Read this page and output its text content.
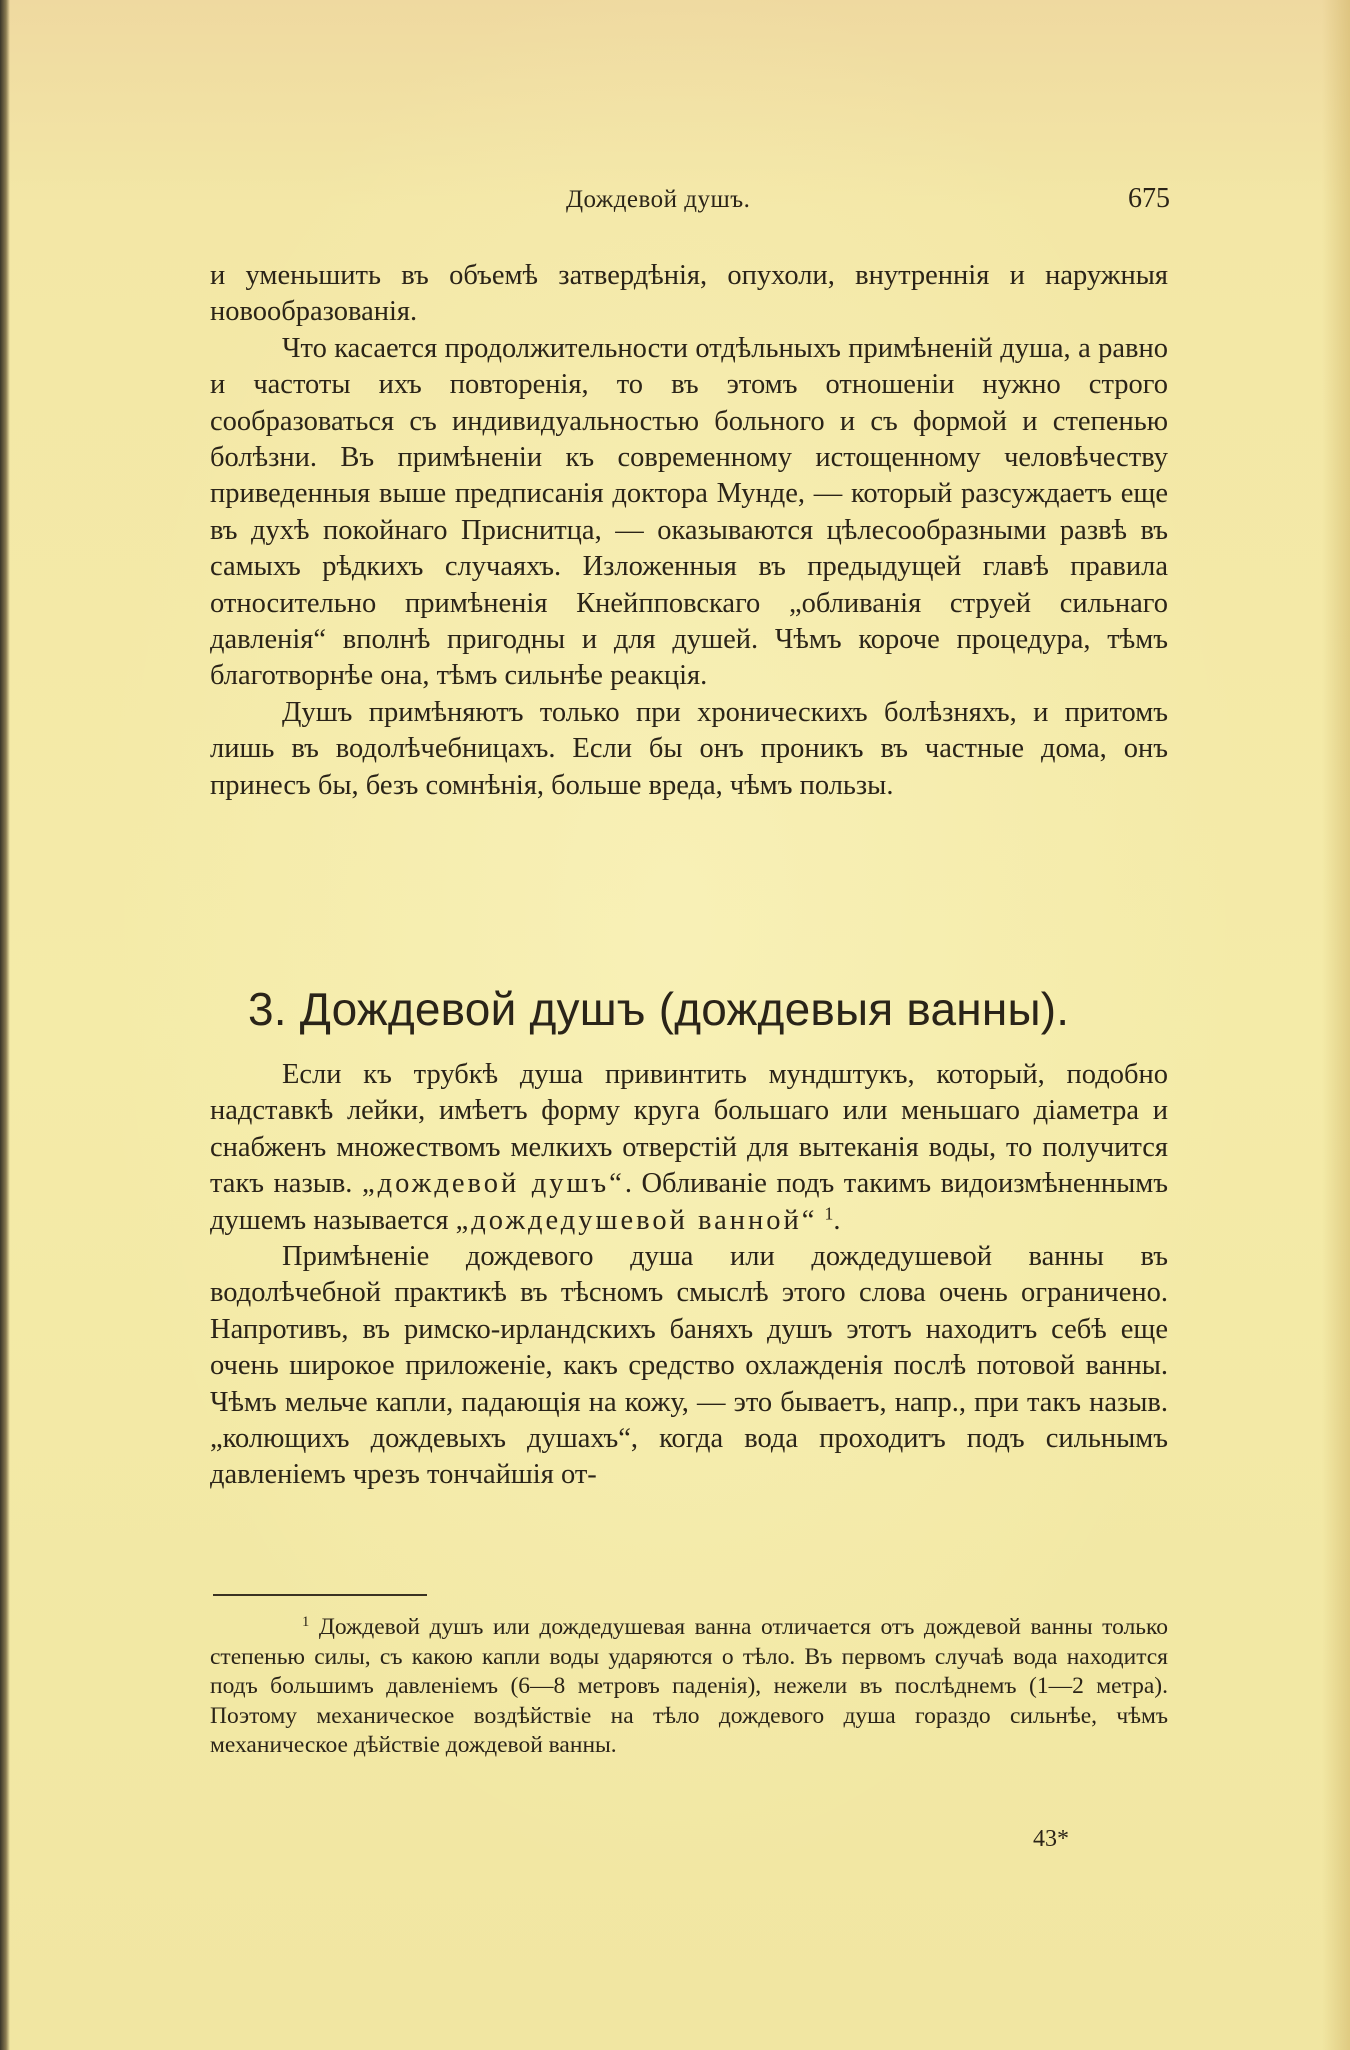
Дождевой душъ.	675

и уменьшить въ объемѣ затвердѣнія, опухоли, внутреннія и наружныя новообразованія.

Что касается продолжительности отдѣльныхъ примѣненій душа, а равно и частоты ихъ повторенія, то въ этомъ отношеніи нужно строго сообразоваться съ индивидуальностью больного и съ формой и степенью болѣзни. Въ примѣненіи къ современному истощенному человѣчеству приведенныя выше предписанія доктора Мунде, — который разсуждаетъ еще въ духѣ покойнаго Приснитца, — оказываются цѣлесообразными развѣ въ самыхъ рѣдкихъ случаяхъ. Изложенныя въ предыдущей главѣ правила относительно примѣненія Кнейпповскаго „обливанія струей сильнаго давленія“ вполнѣ пригодны и для душей. Чѣмъ короче процедура, тѣмъ благотворнѣе она, тѣмъ сильнѣе реакція.

Душъ примѣняютъ только при хроническихъ болѣзняхъ, и притомъ лишь въ водолѣчебницахъ. Если бы онъ проникъ въ частные дома, онъ принесъ бы, безъ сомнѣнія, больше вреда, чѣмъ пользы.

3. Дождевой душъ (дождевыя ванны).

Если къ трубкѣ душа привинтить мундштукъ, который, подобно надставкѣ лейки, имѣетъ форму круга большаго или меньшаго діаметра и снабженъ множествомъ мелкихъ отверстій для вытеканія воды, то получится такъ назыв. „дождевой душъ“. Обливаніе подъ такимъ видоизмѣненнымъ душемъ называется „дождедушевой ванной“ $^1$.

Примѣненіе дождевого душа или дождедушевой ванны въ водолѣчебной практикѣ въ тѣсномъ смыслѣ этого слова очень ограничено. Напротивъ, въ римско-ирландскихъ баняхъ душъ этотъ находитъ себѣ еще очень широкое приложеніе, какъ средство охлажденія послѣ потовой ванны. Чѣмъ мельче капли, падающія на кожу, — это бываетъ, напр., при такъ назыв. „колющихъ дождевыхъ душахъ“, когда вода проходитъ подъ сильнымъ давленіемъ чрезъ тончайшія от-

$^1$ Дождевой душъ или дождедушевая ванна отличается отъ дождевой ванны только степенью силы, съ какою капли воды ударяются о тѣло. Въ первомъ случаѣ вода находится подъ большимъ давленіемъ (6—8 метровъ паденія), нежели въ послѣднемъ (1—2 метра). Поэтому механическое воздѣйствіе на тѣло дождевого душа гораздо сильнѣе, чѣмъ механическое дѣйствіе дождевой ванны.

43*
